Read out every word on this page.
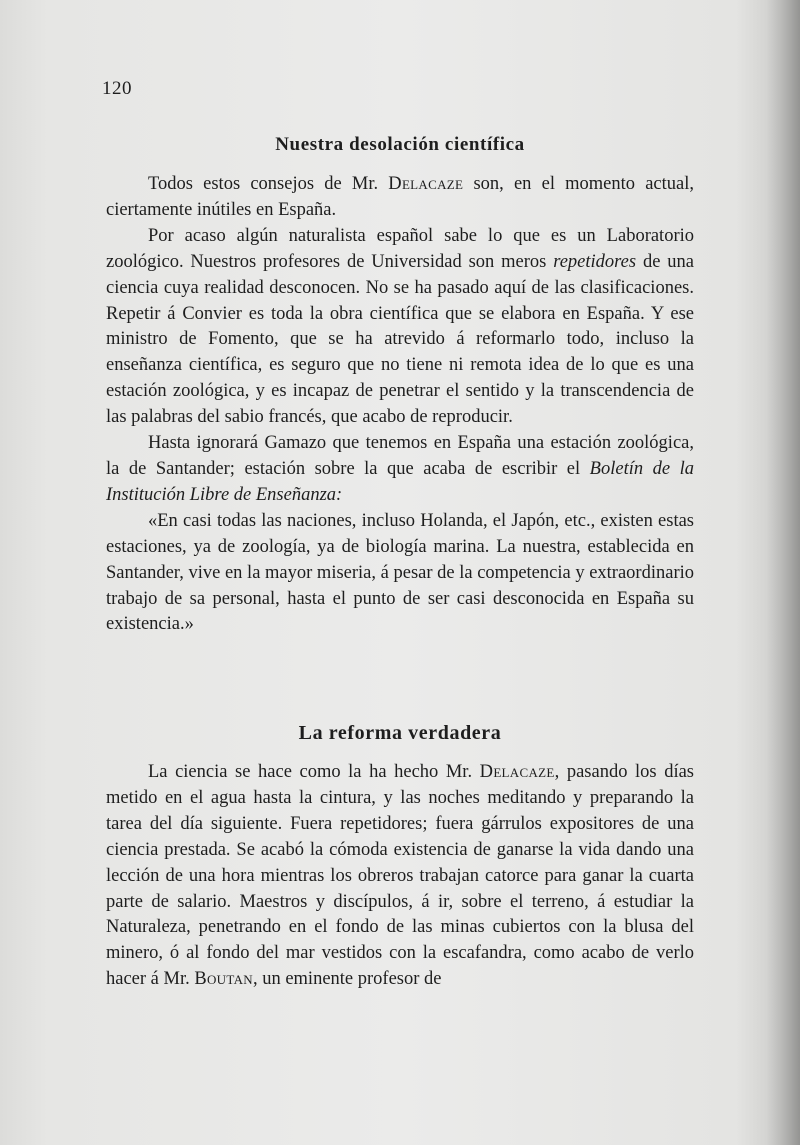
120
Nuestra desolación científica

Todos estos consejos de Mr. Delacaze son, en el momento actual, ciertamente inútiles en España.

Por acaso algún naturalista español sabe lo que es un Laboratorio zoológico. Nuestros profesores de Universidad son meros repetidores de una ciencia cuya realidad desconocen. No se ha pasado aquí de las clasificaciones. Repetir á Convier es toda la obra científica que se elabora en España. Y ese ministro de Fomento, que se ha atrevido á reformarlo todo, incluso la enseñanza científica, es seguro que no tiene ni remota idea de lo que es una estación zoológica, y es incapaz de penetrar el sentido y la transcendencia de las palabras del sabio francés, que acabo de reproducir.

Hasta ignorará Gamazo que tenemos en España una estación zoológica, la de Santander; estación sobre la que acaba de escribir el Boletín de la Institución Libre de Enseñanza:

«En casi todas las naciones, incluso Holanda, el Japón, etc., existen estas estaciones, ya de zoología, ya de biología marina. La nuestra, establecida en Santander, vive en la mayor miseria, á pesar de la competencia y extraordinario trabajo de sa personal, hasta el punto de ser casi desconocida en España su existencia.»

La reforma verdadera

La ciencia se hace como la ha hecho Mr. Delacaze, pasando los días metido en el agua hasta la cintura, y las noches meditando y preparando la tarea del día siguiente. Fuera repetidores; fuera gárrulos expositores de una ciencia prestada. Se acabó la cómoda existencia de ganarse la vida dando una lección de una hora mientras los obreros trabajan catorce para ganar la cuarta parte de salario. Maestros y discípulos, á ir, sobre el terreno, á estudiar la Naturaleza, penetrando en el fondo de las minas cubiertos con la blusa del minero, ó al fondo del mar vestidos con la escafandra, como acabo de verlo hacer á Mr. Boutan, un eminente profesor de
